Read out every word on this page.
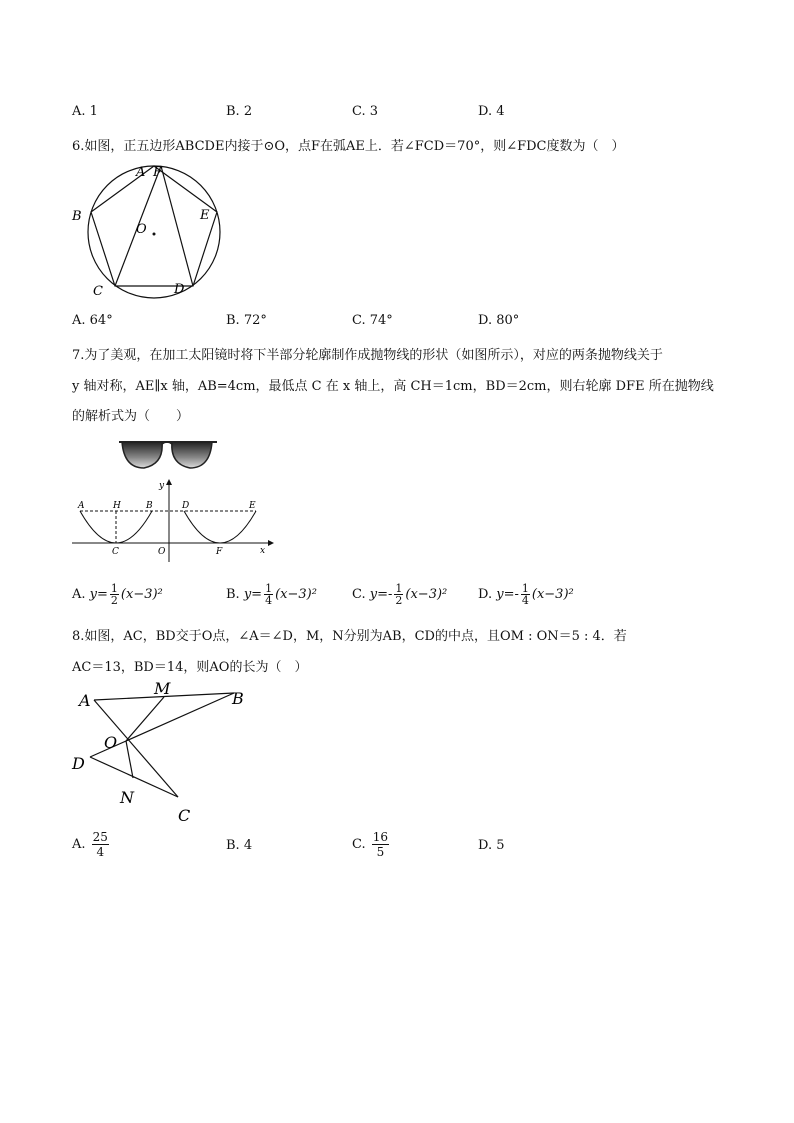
A. 1	B. 2	C. 3	D. 4
6.如图，正五边形ABCDE内接于⊙O，点F在弧AE上．若∠FCD＝70°，则∠FDC度数为（　）
A F
B
O
E
C	D
A. 64°	B. 72°	C. 74°	D. 80°
7.为了美观，在加工太阳镜时将下半部分轮廓制作成抛物线的形状（如图所示），对应的两条抛物线关于
y 轴对称，AE∥x 轴，AB=4cm，最低点 C 在 x 轴上，高 CH＝1cm，BD＝2cm，则右轮廓 DFE 所在抛物线
的解析式为（　　）
A	H	B
y
D	E
C	O	F	x
A. $y= \frac{1}{2} (x-3)^2$	B. $y= \frac{1}{4} (x-3)^2$	C. $y=- \frac{1}{2} (x-3)^2$ D. $y=- \frac{1}{4} (x-3)^2$
8.如图，AC，BD交于O点，∠A＝∠D，M，N分别为AB，CD的中点，且OM : ON＝5 : 4．若
AC＝13，BD＝14，则AO的长为（　）
A
M
B
O
D
N
C
A. $\frac{25}{4}$	B. 4	C. $\frac{16}{5}$	D. 5
